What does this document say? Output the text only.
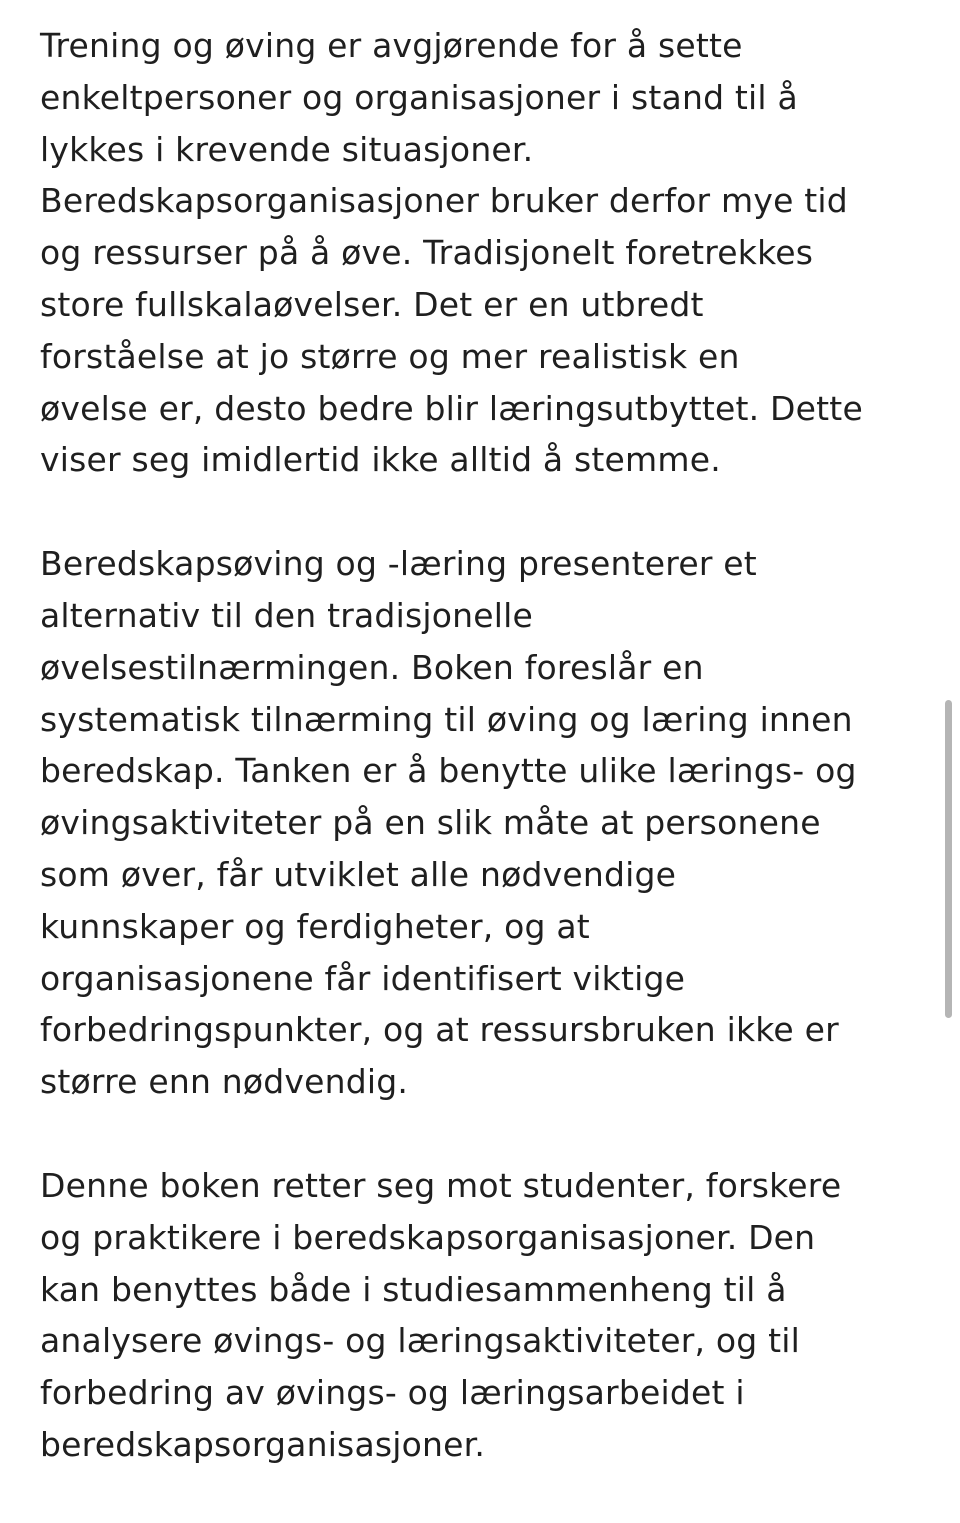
Trening og øving er avgjørende for å sette
enkeltpersoner og organisasjoner i stand til å
lykkes i krevende situasjoner.
Beredskapsorganisasjoner bruker derfor mye tid
og ressurser på å øve. Tradisjonelt foretrekkes
store fullskalaøvelser. Det er en utbredt
forståelse at jo større og mer realistisk en
øvelse er, desto bedre blir læringsutbyttet. Dette
viser seg imidlertid ikke alltid å stemme.

Beredskapsøving og -læring presenterer et
alternativ til den tradisjonelle
øvelsestilnærmingen. Boken foreslår en
systematisk tilnærming til øving og læring innen
beredskap. Tanken er å benytte ulike lærings- og
øvingsaktiviteter på en slik måte at personene
som øver, får utviklet alle nødvendige
kunnskaper og ferdigheter, og at
organisasjonene får identifisert viktige
forbedringspunkter, og at ressursbruken ikke er
større enn nødvendig.

Denne boken retter seg mot studenter, forskere
og praktikere i beredskapsorganisasjoner. Den
kan benyttes både i studiesammenheng til å
analysere øvings- og læringsaktiviteter, og til
forbedring av øvings- og læringsarbeidet i
beredskapsorganisasjoner.
